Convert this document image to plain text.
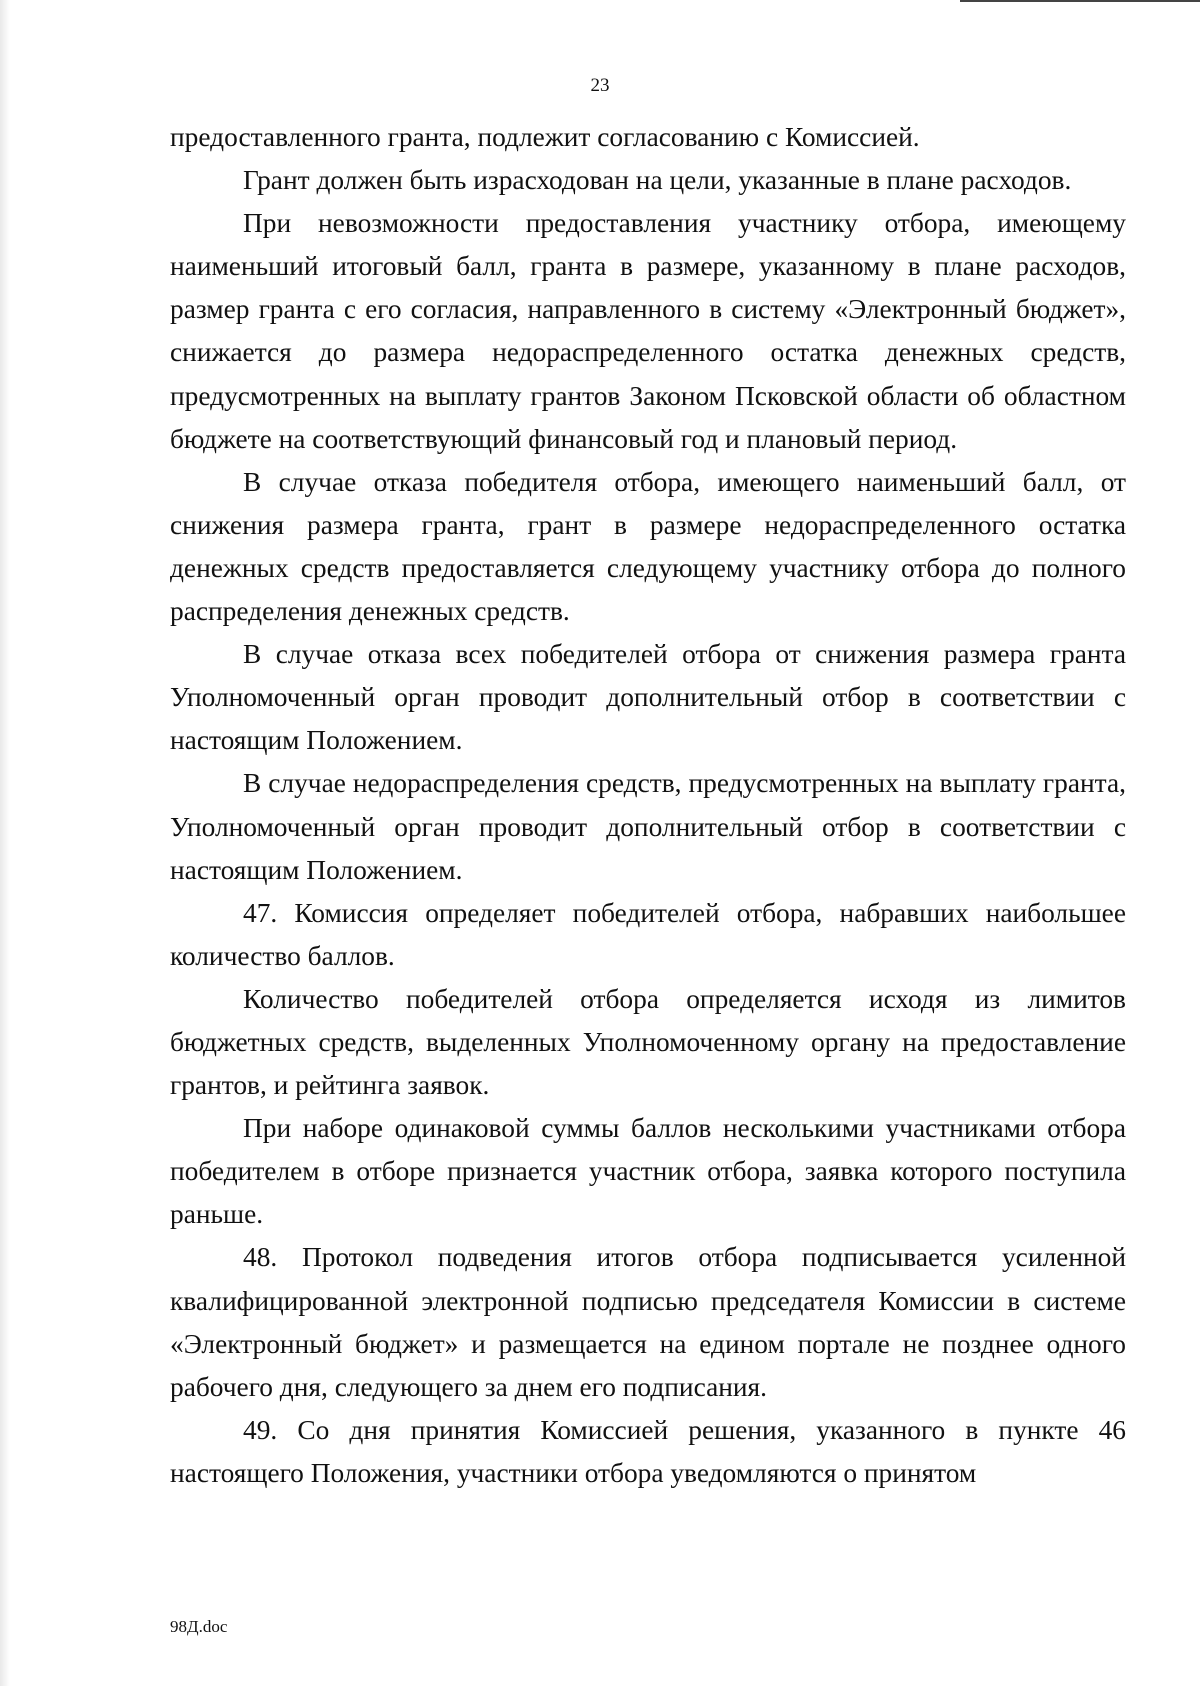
23

предоставленного гранта, подлежит согласованию с Комиссией.

Грант должен быть израсходован на цели, указанные в плане расходов.

При невозможности предоставления участнику отбора, имеющему наименьший итоговый балл, гранта в размере, указанному в плане расходов, размер гранта с его согласия, направленного в систему «Электронный бюджет», снижается до размера недораспределенного остатка денежных средств, предусмотренных на выплату грантов Законом Псковской области об областном бюджете на соответствующий финансовый год и плановый период.

В случае отказа победителя отбора, имеющего наименьший балл, от снижения размера гранта, грант в размере недораспределенного остатка денежных средств предоставляется следующему участнику отбора до полного распределения денежных средств.

В случае отказа всех победителей отбора от снижения размера гранта Уполномоченный орган проводит дополнительный отбор в соответствии с настоящим Положением.

В случае недораспределения средств, предусмотренных на выплату гранта, Уполномоченный орган проводит дополнительный отбор в соответствии с настоящим Положением.

47. Комиссия определяет победителей отбора, набравших наибольшее количество баллов.

Количество победителей отбора определяется исходя из лимитов бюджетных средств, выделенных Уполномоченному органу на предоставление грантов, и рейтинга заявок.

При наборе одинаковой суммы баллов несколькими участниками отбора победителем в отборе признается участник отбора, заявка которого поступила раньше.

48. Протокол подведения итогов отбора подписывается усиленной квалифицированной электронной подписью председателя Комиссии в системе «Электронный бюджет» и размещается на едином портале не позднее одного рабочего дня, следующего за днем его подписания.

49. Со дня принятия Комиссией решения, указанного в пункте 46 настоящего Положения, участники отбора уведомляются о принятом

98Д.doc
